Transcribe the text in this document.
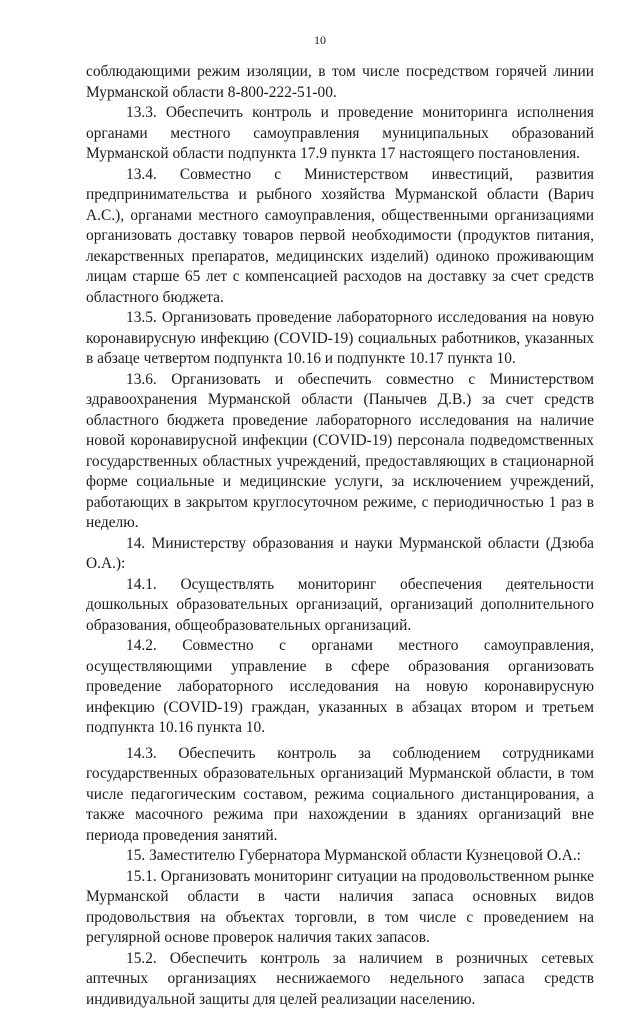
10

соблюдающими режим изоляции, в том числе посредством горячей линии Мурманской области 8-800-222-51-00.

13.3. Обеспечить контроль и проведение мониторинга исполнения органами местного самоуправления муниципальных образований Мурманской области подпункта 17.9 пункта 17 настоящего постановления.

13.4. Совместно с Министерством инвестиций, развития предпринимательства и рыбного хозяйства Мурманской области (Варич А.С.), органами местного самоуправления, общественными организациями организовать доставку товаров первой необходимости (продуктов питания, лекарственных препаратов, медицинских изделий) одиноко проживающим лицам старше 65 лет с компенсацией расходов на доставку за счет средств областного бюджета.

13.5. Организовать проведение лабораторного исследования на новую коронавирусную инфекцию (COVID-19) социальных работников, указанных в абзаце четвертом подпункта 10.16 и подпункте 10.17 пункта 10.

13.6. Организовать и обеспечить совместно с Министерством здравоохранения Мурманской области (Панычев Д.В.) за счет средств областного бюджета проведение лабораторного исследования на наличие новой коронавирусной инфекции (COVID-19) персонала подведомственных государственных областных учреждений, предоставляющих в стационарной форме социальные и медицинские услуги, за исключением учреждений, работающих в закрытом круглосуточном режиме, с периодичностью 1 раз в неделю.

14. Министерству образования и науки Мурманской области (Дзюба О.А.):

14.1. Осуществлять мониторинг обеспечения деятельности дошкольных образовательных организаций, организаций дополнительного образования, общеобразовательных организаций.

14.2. Совместно с органами местного самоуправления, осуществляющими управление в сфере образования организовать проведение лабораторного исследования на новую коронавирусную инфекцию (COVID-19) граждан, указанных в абзацах втором и третьем подпункта 10.16 пункта 10.

14.3. Обеспечить контроль за соблюдением сотрудниками государственных образовательных организаций Мурманской области, в том числе педагогическим составом, режима социального дистанцирования, а также масочного режима при нахождении в зданиях организаций вне периода проведения занятий.

15. Заместителю Губернатора Мурманской области Кузнецовой О.А.:

15.1. Организовать мониторинг ситуации на продовольственном рынке Мурманской области в части наличия запаса основных видов продовольствия на объектах торговли, в том числе с проведением на регулярной основе проверок наличия таких запасов.

15.2. Обеспечить контроль за наличием в розничных сетевых аптечных организациях неснижаемого недельного запаса средств индивидуальной защиты для целей реализации населению.
